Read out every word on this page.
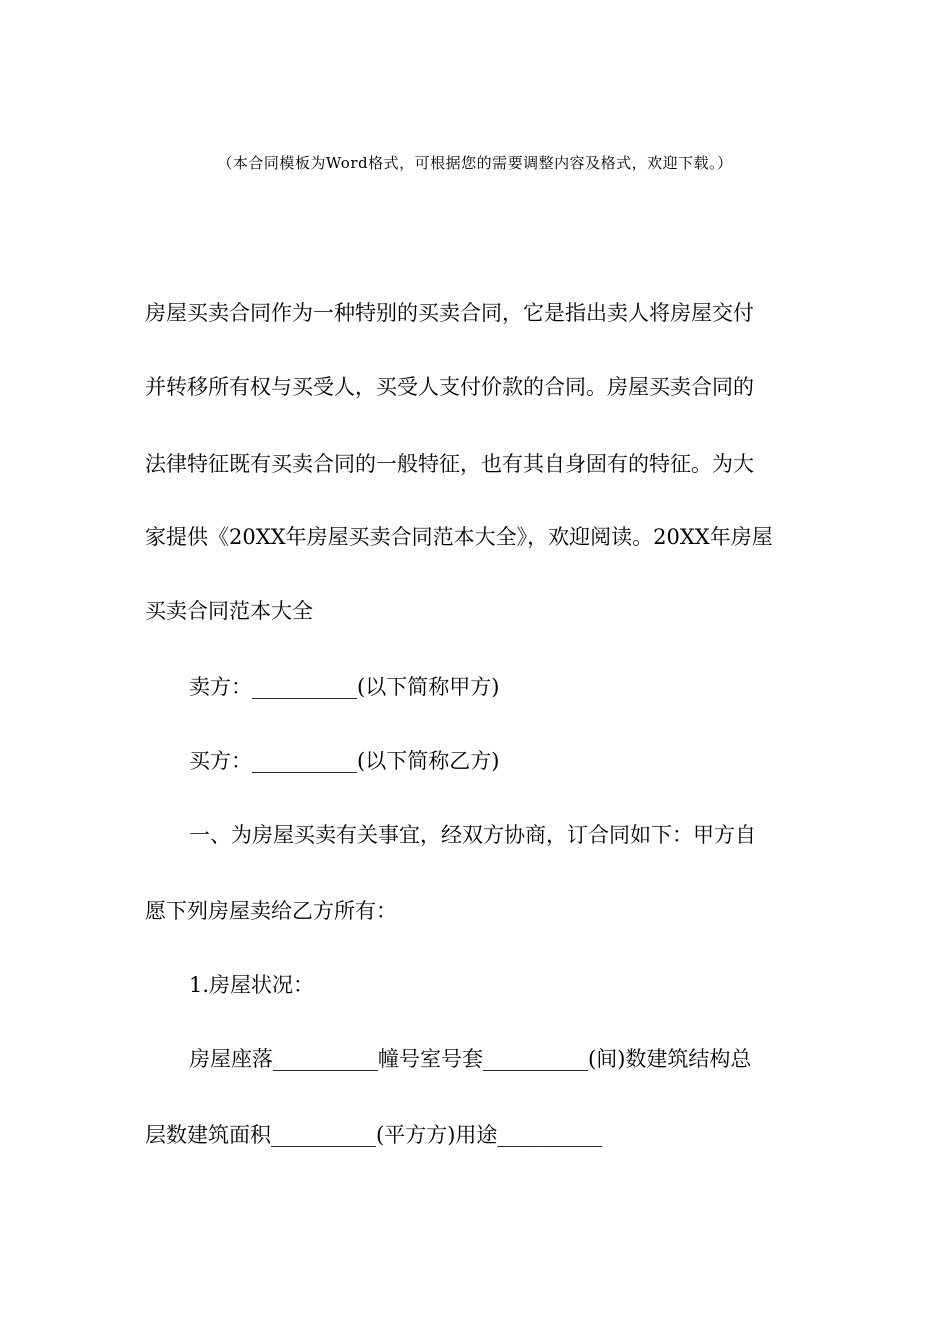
（本合同模板为Word格式，可根据您的需要调整内容及格式，欢迎下载。）
房屋买卖合同作为一种特别的买卖合同，它是指出卖人将房屋交付
并转移所有权与买受人，买受人支付价款的合同。房屋买卖合同的
法律特征既有买卖合同的一般特征，也有其自身固有的特征。为大
家提供《20XX年房屋买卖合同范本大全》，欢迎阅读。20XX年房屋
买卖合同范本大全
卖方：__________(以下简称甲方)
买方：__________(以下简称乙方)
一、为房屋买卖有关事宜，经双方协商，订合同如下：甲方自
愿下列房屋卖给乙方所有：
1.房屋状况：
房屋座落__________幢号室号套__________(间)数建筑结构总
层数建筑面积__________(平方方)用途__________
